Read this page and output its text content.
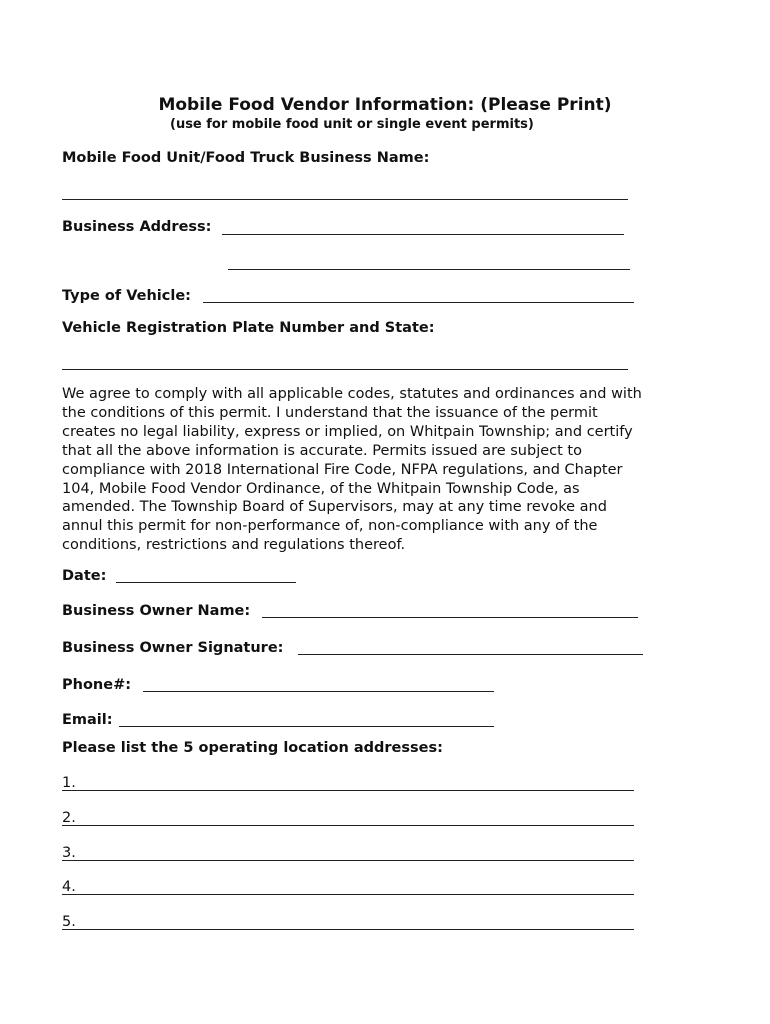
Mobile Food Vendor Information: (Please Print)
(use for mobile food unit or single event permits)
Mobile Food Unit/Food Truck Business Name:
Business Address:
Type of Vehicle:
Vehicle Registration Plate Number and State:

We agree to comply with all applicable codes, statutes and ordinances and with

the conditions of this permit. I understand that the issuance of the permit

creates no legal liability, express or implied, on Whitpain Township; and certify

that all the above information is accurate. Permits issued are subject to

compliance with 2018 International Fire Code, NFPA regulations, and Chapter

104, Mobile Food Vendor Ordinance, of the Whitpain Township Code, as

amended. The Township Board of Supervisors, may at any time revoke and

annul this permit for non-performance of, non-compliance with any of the

conditions, restrictions and regulations thereof.

Date:
Business Owner Name:
Business Owner Signature:
Phone#:
Email:
Please list the 5 operating location addresses:
1.
2.
3.
4.
5.
